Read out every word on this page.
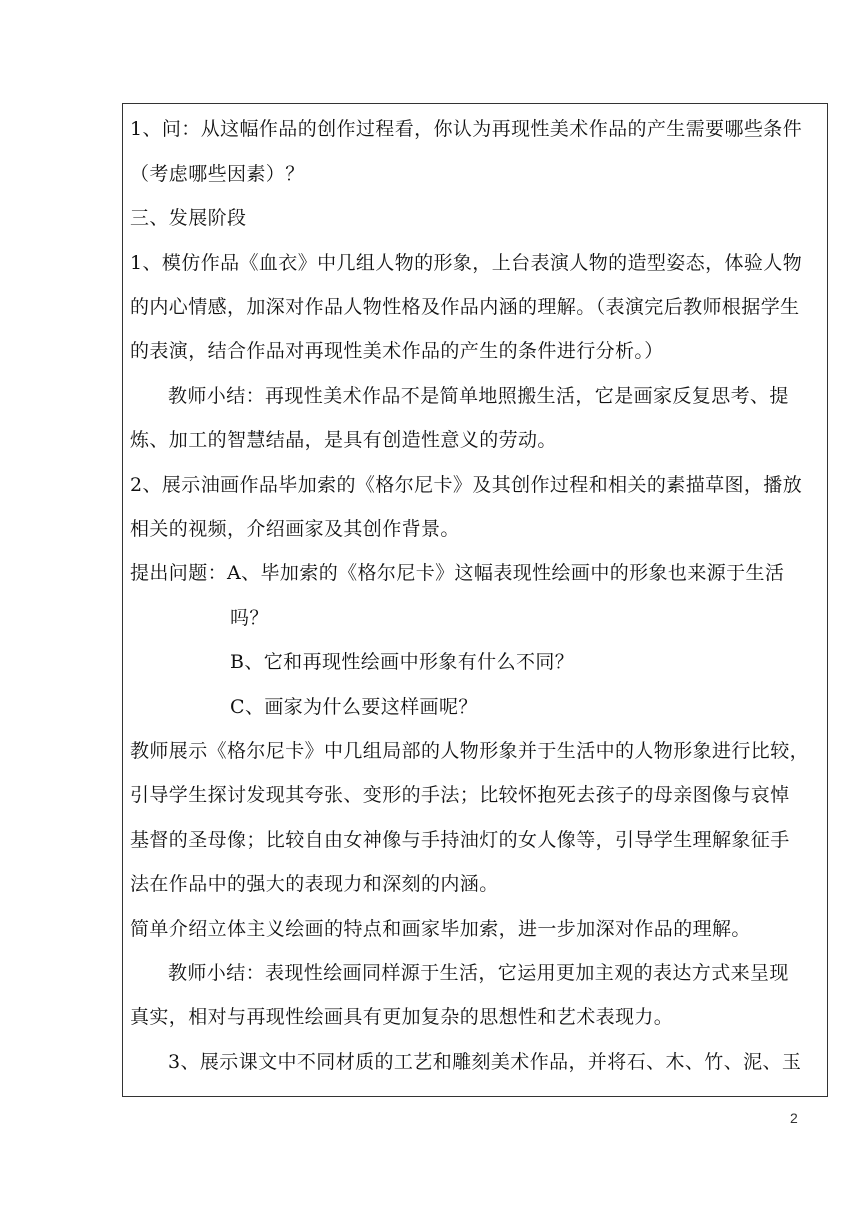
1、问：从这幅作品的创作过程看，你认为再现性美术作品的产生需要哪些条件
（考虑哪些因素）？
三、发展阶段
1、模仿作品《血衣》中几组人物的形象，上台表演人物的造型姿态，体验人物
的内心情感，加深对作品人物性格及作品内涵的理解。（表演完后教师根据学生
的表演，结合作品对再现性美术作品的产生的条件进行分析。）
教师小结：再现性美术作品不是简单地照搬生活，它是画家反复思考、提
炼、加工的智慧结晶，是具有创造性意义的劳动。
2、展示油画作品毕加索的《格尔尼卡》及其创作过程和相关的素描草图，播放
相关的视频，介绍画家及其创作背景。
提出问题：A、毕加索的《格尔尼卡》这幅表现性绘画中的形象也来源于生活
吗？
B、它和再现性绘画中形象有什么不同？
C、画家为什么要这样画呢？
教师展示《格尔尼卡》中几组局部的人物形象并于生活中的人物形象进行比较，
引导学生探讨发现其夸张、变形的手法；比较怀抱死去孩子的母亲图像与哀悼
基督的圣母像；比较自由女神像与手持油灯的女人像等，引导学生理解象征手
法在作品中的强大的表现力和深刻的内涵。
简单介绍立体主义绘画的特点和画家毕加索，进一步加深对作品的理解。
教师小结：表现性绘画同样源于生活，它运用更加主观的表达方式来呈现
真实，相对与再现性绘画具有更加复杂的思想性和艺术表现力。
3、展示课文中不同材质的工艺和雕刻美术作品，并将石、木、竹、泥、玉
2
